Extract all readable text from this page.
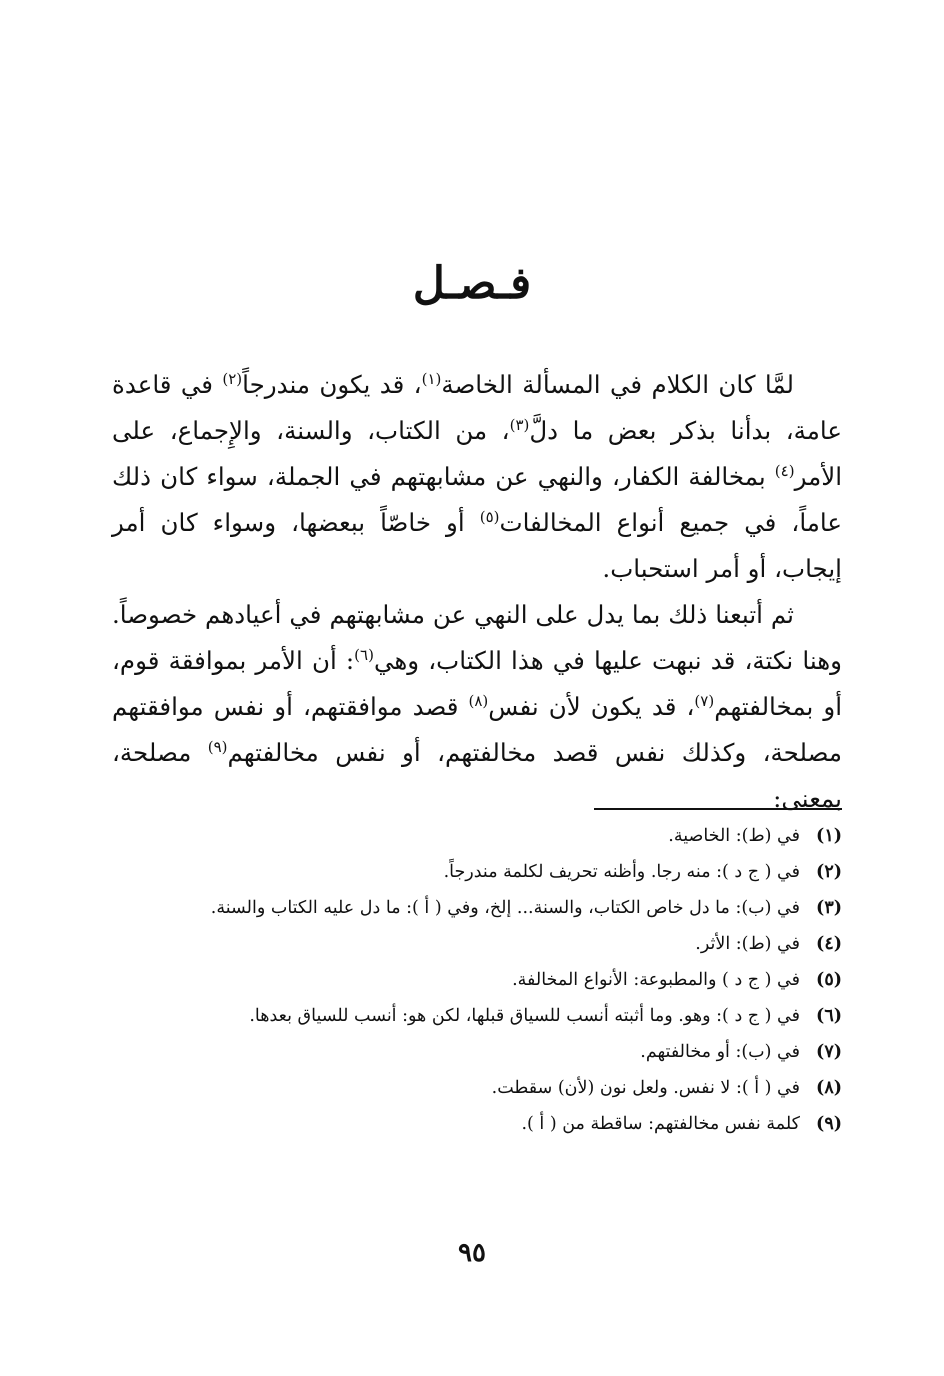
فـصـل

لمَّا كان الكلام في المسألة الخاصة$^{(١)}$، قد يكون مندرجاً$^{(٢)}$ في قاعدة عامة، بدأنا بذكر بعض ما دلَّ$^{(٣)}$، من الكتاب، والسنة، والإِجماع، على الأمر$^{(٤)}$ بمخالفة الكفار، والنهي عن مشابهتهم في الجملة، سواء كان ذلك عاماً، في جميع أنواع المخالفات$^{(٥)}$ أو خاصّاً ببعضها، وسواء كان أمر إيجاب، أو أمر استحباب.

ثم أتبعنا ذلك بما يدل على النهي عن مشابهتهم في أعيادهم خصوصاً. وهنا نكتة، قد نبهت عليها في هذا الكتاب، وهي$^{(٦)}$: أن الأمر بموافقة قوم، أو بمخالفتهم$^{(٧)}$، قد يكون لأن نفس$^{(٨)}$ قصد موافقتهم، أو نفس موافقتهم مصلحة، وكذلك نفس قصد مخالفتهم، أو نفس مخالفتهم$^{(٩)}$ مصلحة، بمعنى:

(١)
في (ط): الخاصية.
(٢)
في ( ج د ): منه رجا. وأظنه تحريف لكلمة مندرجاً.
(٣)
في (ب): ما دل خاص الكتاب، والسنة... إلخ، وفي ( أ ): ما دل عليه الكتاب والسنة.
(٤)
في (ط): الأثر.
(٥)
في ( ج د ) والمطبوعة: الأنواع المخالفة.
(٦)
في ( ج د ): وهو. وما أثبته أنسب للسياق قبلها، لكن هو: أنسب للسياق بعدها.
(٧)
في (ب): أو مخالفتهم.
(٨)
في ( أ ): لا نفس. ولعل نون (لأن) سقطت.
(٩)
كلمة نفس مخالفتهم: ساقطة من ( أ ).
٩٥
